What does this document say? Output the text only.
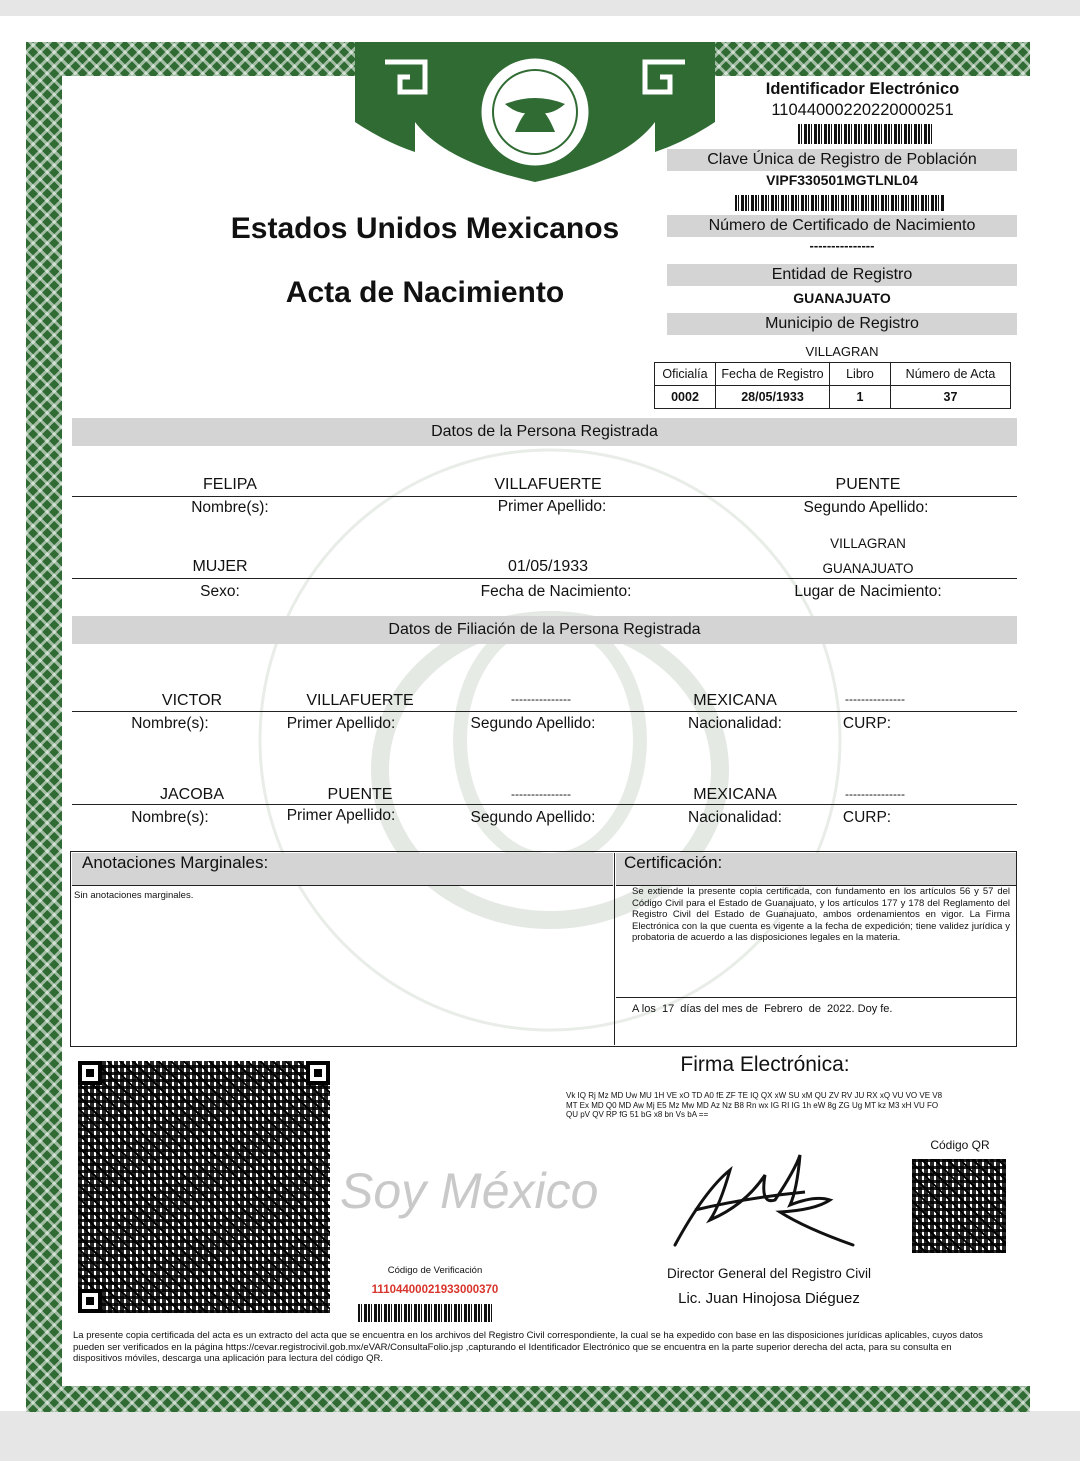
Estados Unidos Mexicanos
Acta de Nacimiento
Identificador Electrónico
11044000220220000251
Clave Única de Registro de Población
VIPF330501MGTLNL04
Número de Certificado de Nacimiento
---------------
Entidad de Registro
GUANAJUATO
Municipio de Registro
VILLAGRAN
Oficialía	Fecha de Registro	Libro	Número de Acta
0002	28/05/1933	1	37
Datos de la Persona Registrada
FELIPA	VILLAFUERTE	PUENTE
Nombre(s):	Primer Apellido:	Segundo Apellido:
VILLAGRAN
MUJER	01/05/1933	GUANAJUATO
Sexo:	Fecha de Nacimiento:	Lugar de Nacimiento:
Datos de Filiación de la Persona Registrada
VICTOR	VILLAFUERTE	---------------	MEXICANA	---------------
Nombre(s):	Primer Apellido:	Segundo Apellido:	Nacionalidad:	CURP:
JACOBA	PUENTE	---------------	MEXICANA	---------------
Nombre(s):	Primer Apellido:	Segundo Apellido:	Nacionalidad:	CURP:
Anotaciones Marginales:	Certificación:
Sin anotaciones marginales.	Se extiende la presente copia certificada, con fundamento en los artículos 56 y 57 del Código Civil para el Estado de Guanajuato, y los artículos 177 y 178 del Reglamento del Registro Civil del Estado de Guanajuato, ambos ordenamientos en vigor. La Firma Electrónica con la que cuenta es vigente a la fecha de expedición; tiene validez jurídica y probatoria de acuerdo a las disposiciones legales en la materia.
A los  17  días del mes de  Febrero  de  2022. Doy fe.
Soy México
Código de Verificación
11104400021933000370
Firma Electrónica:
Vk IQ Rj Mz MD Uw MU 1H VE xO TD A0 fE ZF TE IQ QX xW SU xM QU ZV RV JU RX xQ VU VO VE V8 MT Ex MD Q0 MD Aw Mj E5 Mz Mw MD Az Nz B8 Rn wx IG RI IG 1h eW 8g ZG Ug MT kz M3 xH VU FO QU pV QV RP fG 51 bG x8 bn Vs bA ==
Código QR
Director General del Registro Civil
Lic. Juan Hinojosa Diéguez
La presente copia certificada del acta es un extracto del acta que se encuentra en los archivos del Registro Civil correspondiente, la cual se ha expedido con base en las disposiciones jurídicas aplicables, cuyos datos pueden ser verificados en la página https://cevar.registrocivil.gob.mx/eVAR/ConsultaFolio.jsp ,capturando el Identificador Electrónico que se encuentra en la parte superior derecha del acta, para su consulta en dispositivos móviles, descarga una aplicación para lectura del código QR.
